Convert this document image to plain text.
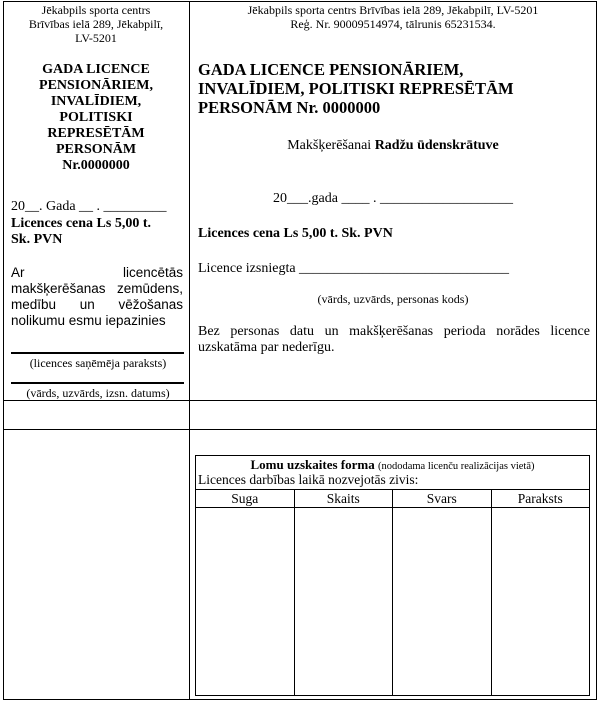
Jēkabpils sporta centrs
Brīvības ielā 289, Jēkabpilī,
LV-5201
GADA LICENCE
PENSIONĀRIEM,
INVALĪDIEM,
POLITISKI
REPRESĒTĀM
PERSONĀM
Nr.0000000
20__. Gada __ . _________
Licences cena Ls 5,00 t.
Sk. PVN
Ar licencētās makšķerēšanas zemūdens, medību un vēžošanas nolikumu esmu iepazinies
(licences saņēmēja paraksts)
(vārds, uzvārds, izsn. datums)
Jēkabpils sporta centrs Brīvības ielā 289, Jēkabpilī, LV-5201
Reģ. Nr. 90009514974, tālrunis 65231534.
GADA LICENCE PENSIONĀRIEM,
INVALĪDIEM, POLITISKI REPRESĒTĀM
PERSONĀM Nr. 0000000
Makšķerēšanai Radžu ūdenskrātuve
20___.gada ____ . ___________________
Licences cena Ls 5,00 t. Sk. PVN
Licence izsniegta ______________________________
(vārds, uzvārds, personas kods)
Bez personas datu un makšķerēšanas perioda norādes licence uzskatāma par nederīgu.
Lomu uzskaites forma (nododama licenču realizācijas vietā)
Licences darbības laikā nozvejotās zivis:
Suga	Skaits	Svars	Paraksts
